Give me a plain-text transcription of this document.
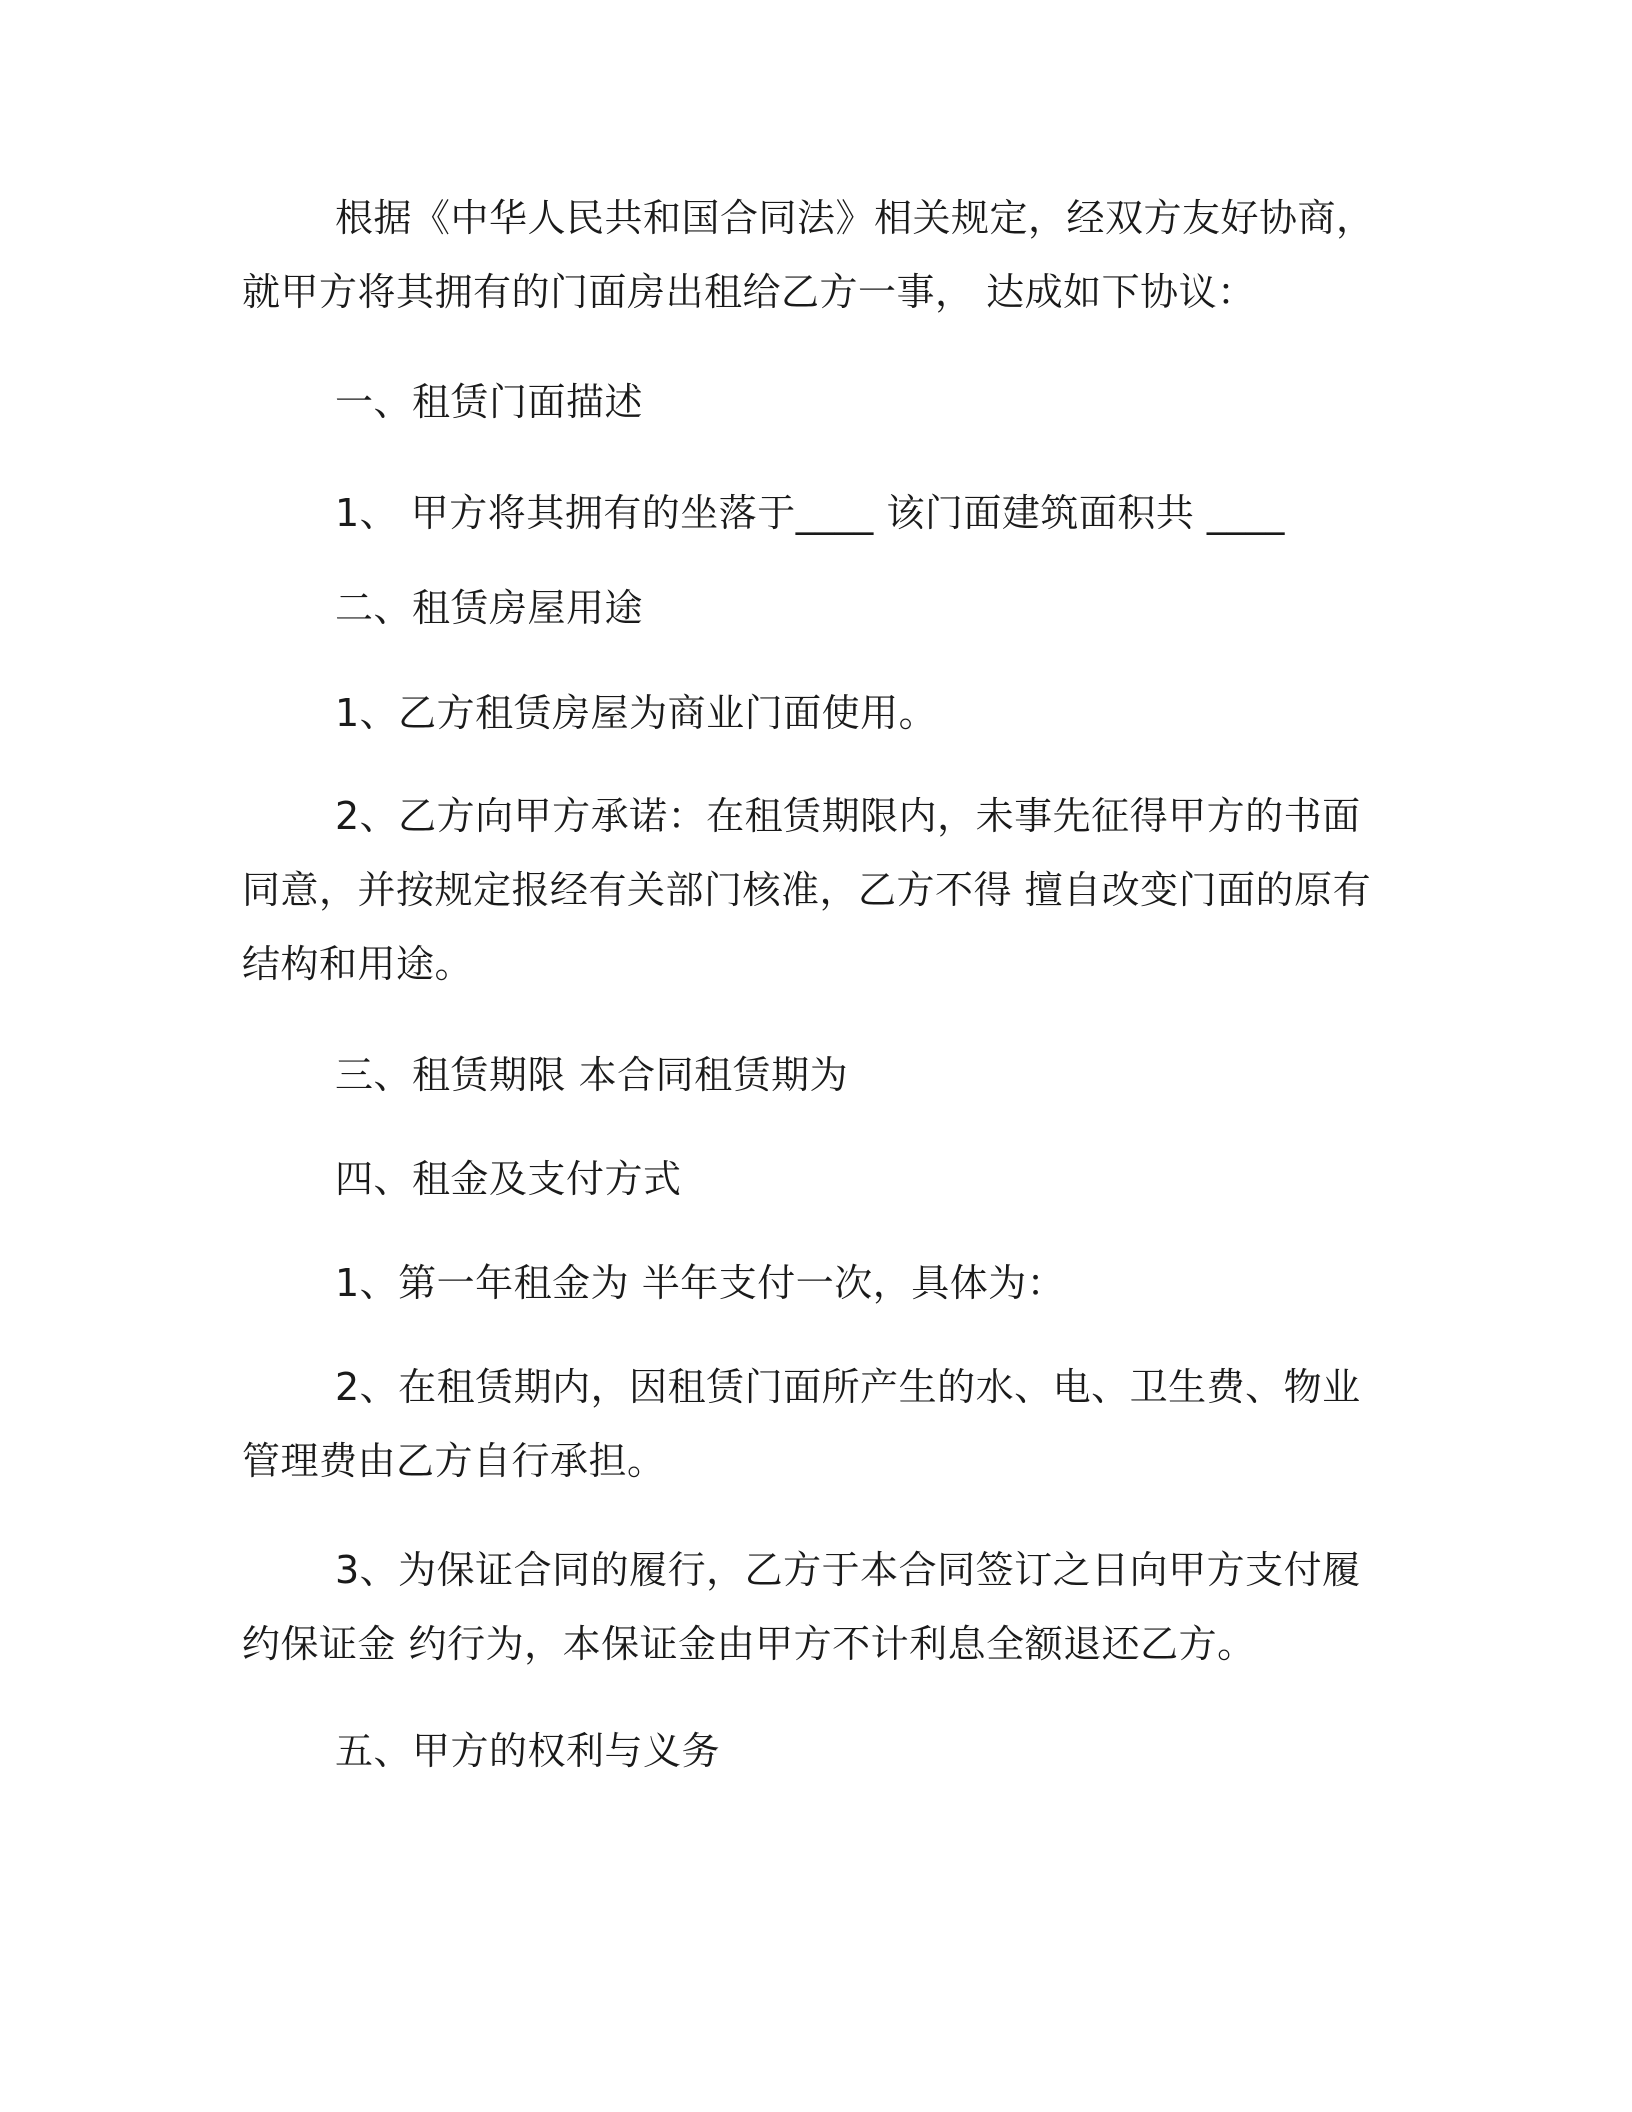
根据《中华人民共和国合同法》相关规定，经双方友好协商，就甲方将其拥有的门面房出租给乙方一事， 达成如下协议：

一、租赁门面描述

1、 甲方将其拥有的坐落于____ 该门面建筑面积共 ____

二、租赁房屋用途

1、乙方租赁房屋为商业门面使用。

2、乙方向甲方承诺：在租赁期限内，未事先征得甲方的书面同意，并按规定报经有关部门核准，乙方不得 擅自改变门面的原有结构和用途。

三、租赁期限 本合同租赁期为

四、租金及支付方式

1、第一年租金为 半年支付一次，具体为：

2、在租赁期内，因租赁门面所产生的水、电、卫生费、物业管理费由乙方自行承担。

3、为保证合同的履行，乙方于本合同签订之日向甲方支付履约保证金 约行为，本保证金由甲方不计利息全额退还乙方。

五、甲方的权利与义务
